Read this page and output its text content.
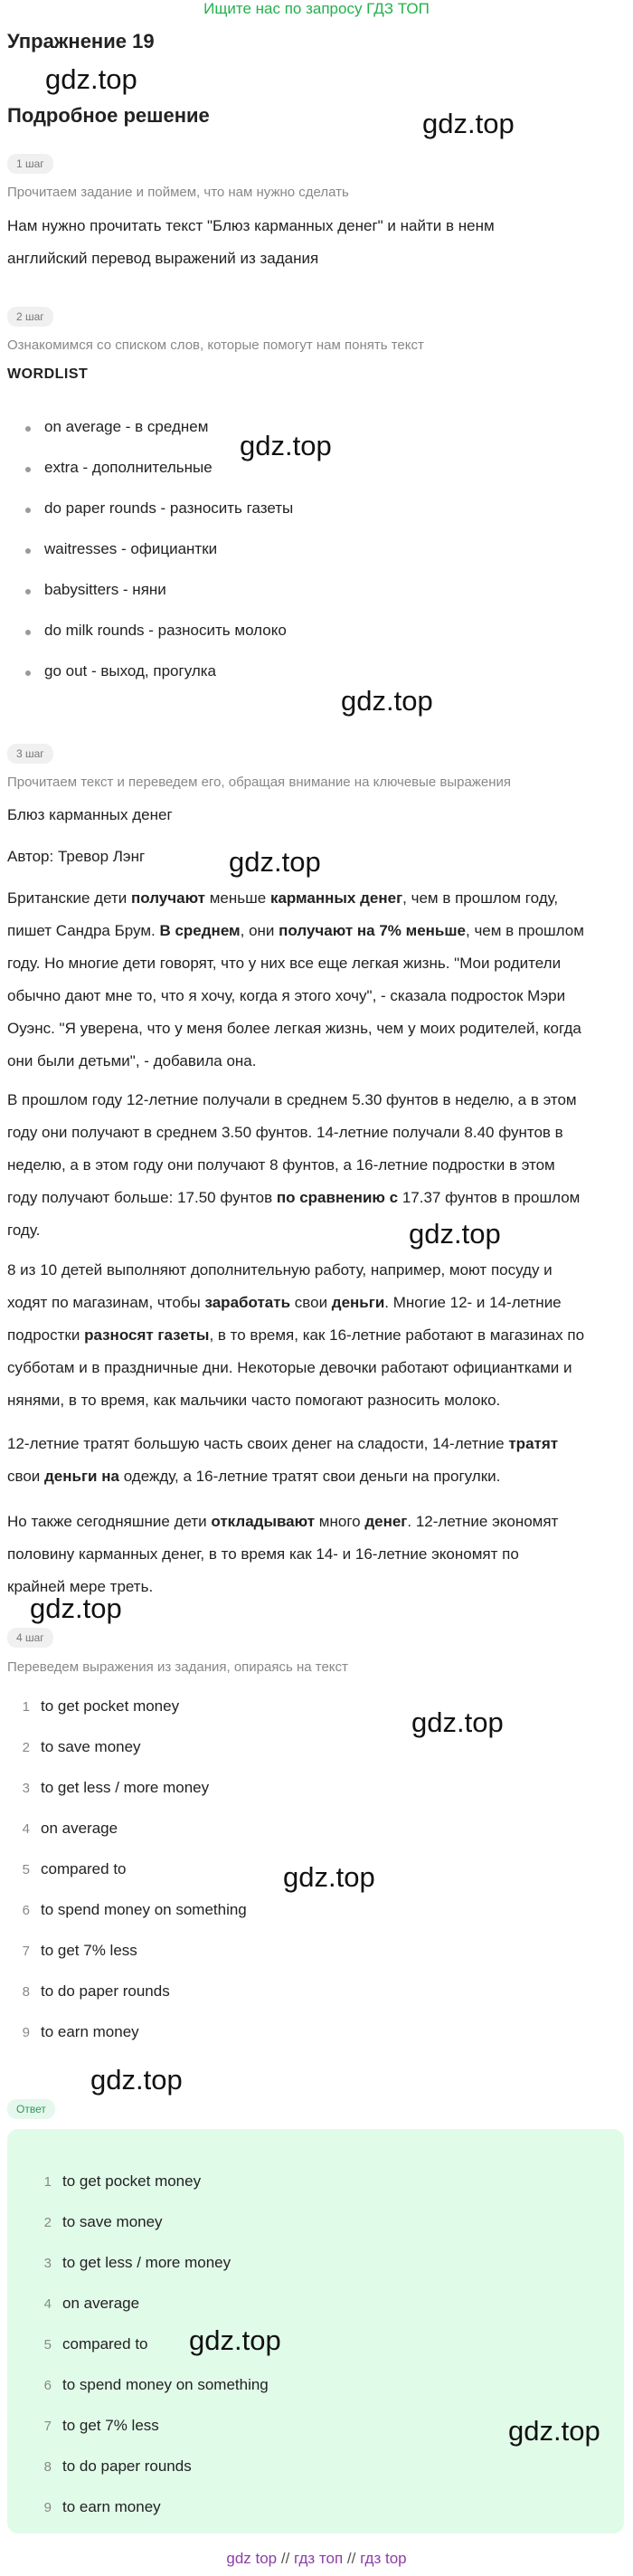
Ищите нас по запросу ГДЗ ТОП
Упражнение 19
gdz.top
Подробное решение	gdz.top
1 шаг
Прочитаем задание и поймем, что нам нужно сделать
Нам нужно прочитать текст "Блюз карманных денег" и найти в ненм
английский перевод выражений из задания
2 шаг
Ознакомимся со списком слов, которые помогут нам понять текст
WORDLIST
on average - в среднем
extra - дополнительные
do paper rounds - разносить газеты
waitresses - официантки
babysitters - няни
do milk rounds - разносить молоко
go out - выход, прогулка
gdz.top
gdz.top
3 шаг
Прочитаем текст и переведем его, обращая внимание на ключевые выражения
Блюз карманных денег
Автор: Тревор Лэнг	gdz.top
Британские дети получают меньше карманных денег, чем в прошлом году,
пишет Сандра Брум. В среднем, они получают на 7% меньше, чем в прошлом
году. Но многие дети говорят, что у них все еще легкая жизнь. "Мои родители
обычно дают мне то, что я хочу, когда я этого хочу", - сказала подросток Мэри
Оуэнс. "Я уверена, что у меня более легкая жизнь, чем у моих родителей, когда
они были детьми", - добавила она.
В прошлом году 12-летние получали в среднем 5.30 фунтов в неделю, а в этом
году они получают в среднем 3.50 фунтов. 14-летние получали 8.40 фунтов в
неделю, а в этом году они получают 8 фунтов, а 16-летние подростки в этом
году получают больше: 17.50 фунтов по сравнению с 17.37 фунтов в прошлом
году.	gdz.top
8 из 10 детей выполняют дополнительную работу, например, моют посуду и
ходят по магазинам, чтобы заработать свои деньги. Многие 12- и 14-летние
подростки разносят газеты, в то время, как 16-летние работают в магазинах по
субботам и в праздничные дни. Некоторые девочки работают официантками и
нянями, в то время, как мальчики часто помогают разносить молоко.
12-летние тратят большую часть своих денег на сладости, 14-летние тратят
свои деньги на одежду, а 16-летние тратят свои деньги на прогулки.
Но также сегодняшние дети откладывают много денег. 12-летние экономят
половину карманных денег, в то время как 14- и 16-летние экономят по
крайней мере треть.
gdz.top
4 шаг
Переведем выражения из задания, опираясь на текст
1 to get pocket money
2 to save money
3 to get less / more money
4 on average
5 compared to
6 to spend money on something
7 to get 7% less
8 to do paper rounds
9 to earn money
gdz.top
gdz.top
gdz.top
Ответ
1 to get pocket money
2 to save money
3 to get less / more money
4 on average
5 compared to
6 to spend money on something
7 to get 7% less
8 to do paper rounds
9 to earn money
gdz.top
gdz.top
gdz top // гдз топ // гдз top
